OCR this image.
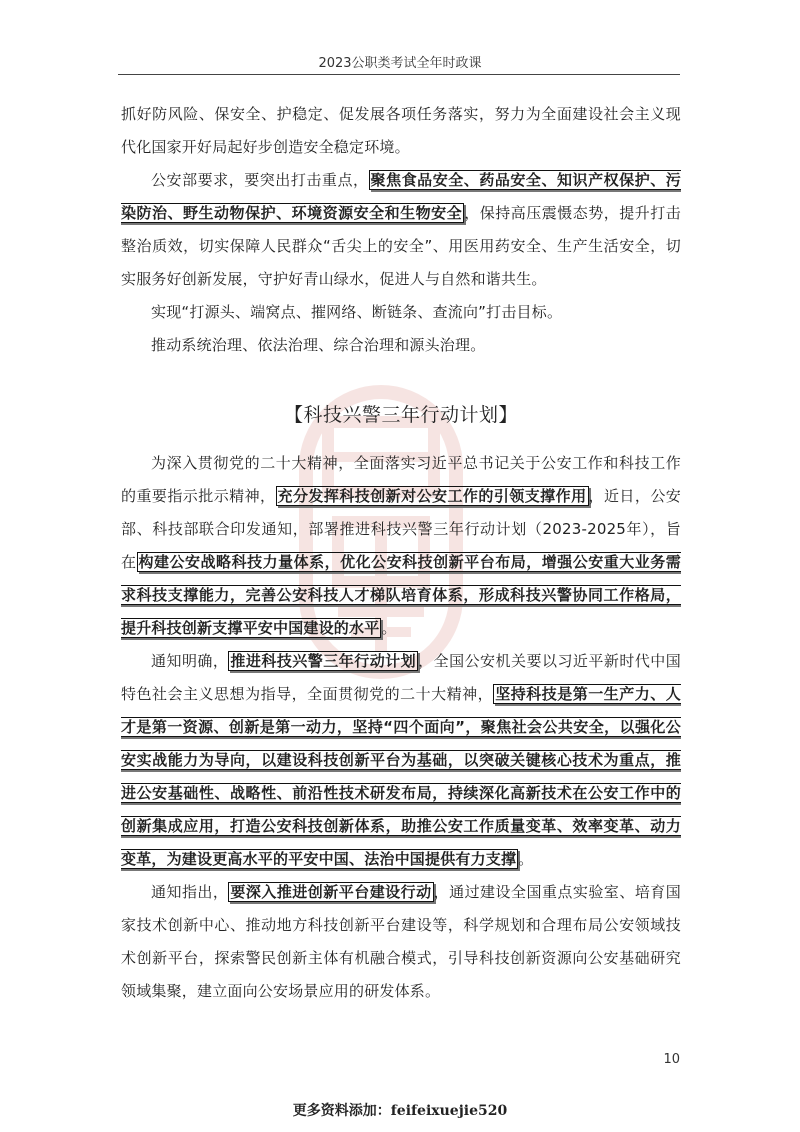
2023公职类考试全年时政课

抓好防风险、保安全、护稳定、促发展各项任务落实，努力为全面建设社会主义现代化国家开好局起好步创造安全稳定环境。

公安部要求，要突出打击重点， 聚焦食品安全、药品安全、知识产权保护、污染防治、野生动物保护、环境资源安全和生物安全 ，保持高压震慑态势，提升打击整治质效，切实保障人民群众“舌尖上的安全”、用医用药安全、生产生活安全，切实服务好创新发展，守护好青山绿水，促进人与自然和谐共生。

实现“打源头、端窝点、摧网络、断链条、查流向”打击目标。

推动系统治理、依法治理、综合治理和源头治理。

【科技兴警三年行动计划】

为深入贯彻党的二十大精神，全面落实习近平总书记关于公安工作和科技工作的重要指示批示精神， 充分发挥科技创新对公安工作的引领支撑作用 ，近日，公安部、科技部联合印发通知，部署推进科技兴警三年行动计划（2023-2025年），旨在 构建公安战略科技力量体系，优化公安科技创新平台布局，增强公安重大业务需求科技支撑能力，完善公安科技人才梯队培育体系，形成科技兴警协同工作格局，提升科技创新支撑平安中国建设的水平 。

通知明确， 推进科技兴警三年行动计划 ，全国公安机关要以习近平新时代中国特色社会主义思想为指导，全面贯彻党的二十大精神， 坚持科技是第一生产力、人才是第一资源、创新是第一动力，坚持“四个面向”，聚焦社会公共安全，以强化公安实战能力为导向，以建设科技创新平台为基础，以突破关键核心技术为重点，推进公安基础性、战略性、前沿性技术研发布局，持续深化高新技术在公安工作中的创新集成应用，打造公安科技创新体系，助推公安工作质量变革、效率变革、动力变革，为建设更高水平的平安中国、法治中国提供有力支撑 。

通知指出， 要深入推进创新平台建设行动 ，通过建设全国重点实验室、培育国家技术创新中心、推动地方科技创新平台建设等，科学规划和合理布局公安领域技术创新平台，探索警民创新主体有机融合模式，引导科技创新资源向公安基础研究领域集聚，建立面向公安场景应用的研发体系。

10
更多资料添加：feifeixuejie520
